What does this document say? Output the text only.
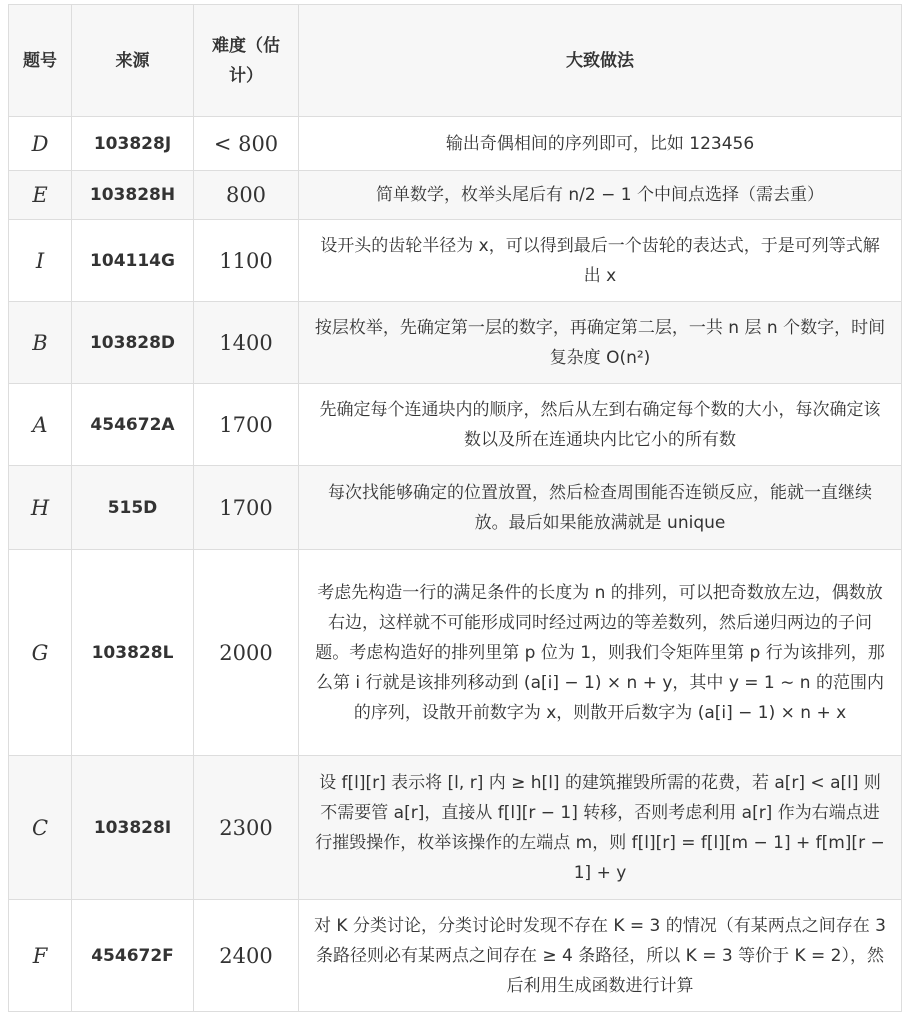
题号	来源	难度（估计）	大致做法
D	103828J	< 800	输出奇偶相间的序列即可，比如 123456
E	103828H	800	简单数学，枚举头尾后有 n/2 − 1 个中间点选择（需去重）
I	104114G	1100	设开头的齿轮半径为 x，可以得到最后一个齿轮的表达式，于是可列等式解出 x
B	103828D	1400	按层枚举，先确定第一层的数字，再确定第二层，一共 n 层 n 个数字，时间复杂度 O(n²)
A	454672A	1700	先确定每个连通块内的顺序，然后从左到右确定每个数的大小，每次确定该数以及所在连通块内比它小的所有数
H	515D	1700	每次找能够确定的位置放置，然后检查周围能否连锁反应，能就一直继续放。最后如果能放满就是 unique
G	103828L	2000	考虑先构造一行的满足条件的长度为 n 的排列，可以把奇数放左边，偶数放右边，这样就不可能形成同时经过两边的等差数列，然后递归两边的子问题。考虑构造好的排列里第 p 位为 1，则我们令矩阵里第 p 行为该排列，那么第 i 行就是该排列移动到 (a[i] − 1) × n + y，其中 y = 1 ∼ n 的范围内的序列，设散开前数字为 x，则散开后数字为 (a[i] − 1) × n + x
C	103828I	2300	设 f[l][r] 表示将 [l, r] 内 ≥ h[l] 的建筑摧毁所需的花费，若 a[r] < a[l] 则不需要管 a[r]，直接从 f[l][r − 1] 转移，否则考虑利用 a[r] 作为右端点进行摧毁操作，枚举该操作的左端点 m，则 f[l][r] = f[l][m − 1] + f[m][r − 1] + y
F	454672F	2400	对 K 分类讨论，分类讨论时发现不存在 K = 3 的情况（有某两点之间存在 3 条路径则必有某两点之间存在 ≥ 4 条路径，所以 K = 3 等价于 K = 2），然后利用生成函数进行计算
